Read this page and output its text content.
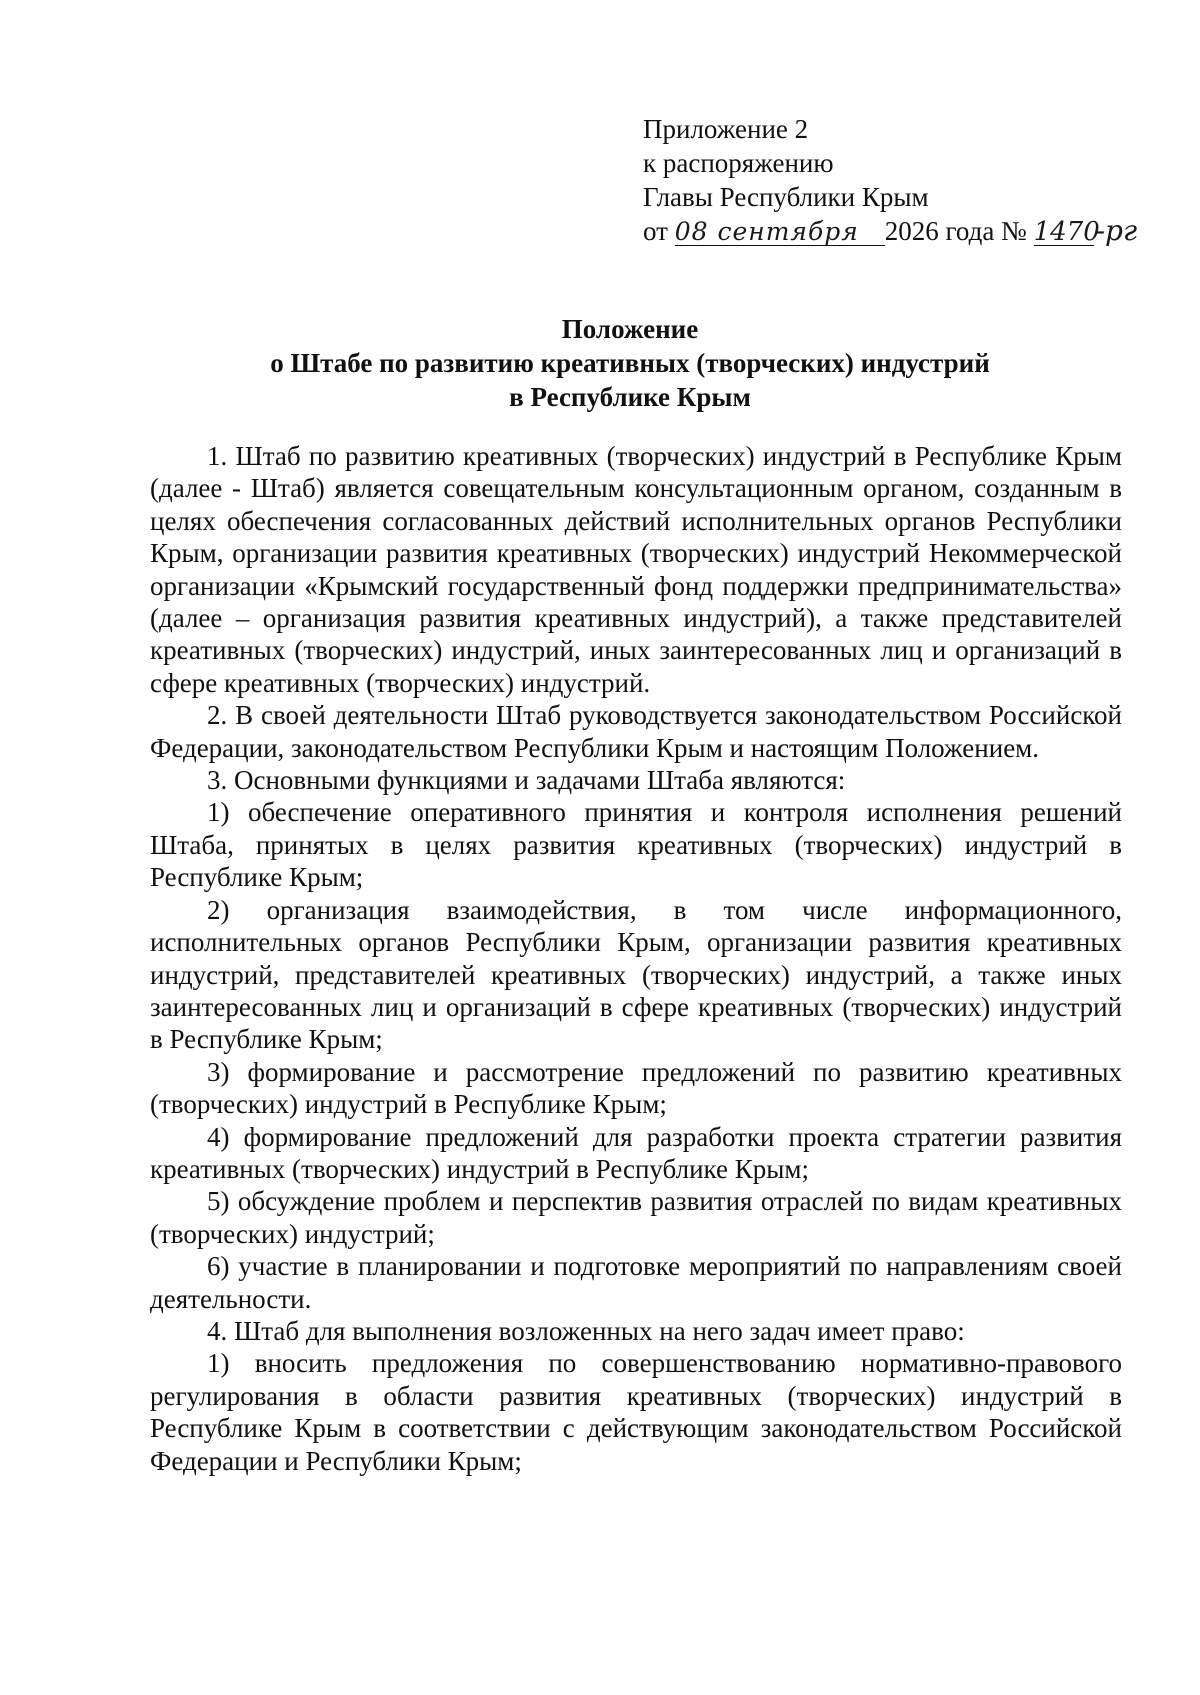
Приложение 2
к распоряжению
Главы Республики Крым
от 08 сентября 2026 года № 1470-рг
Положение
о Штабе по развитию креативных (творческих) индустрий
в Республике Крым

1. Штаб по развитию креативных (творческих) индустрий в Республике Крым (далее - Штаб) является совещательным консультационным органом, созданным в целях обеспечения согласованных действий исполнительных органов Республики Крым, организации развития креативных (творческих) индустрий Некоммерческой организации «Крымский государственный фонд поддержки предпринимательства» (далее – организация развития креативных индустрий), а также представителей креативных (творческих) индустрий, иных заинтересованных лиц и организаций в сфере креативных (творческих) индустрий.

2. В своей деятельности Штаб руководствуется законодательством Российской Федерации, законодательством Республики Крым и настоящим Положением.

3. Основными функциями и задачами Штаба являются:

1) обеспечение оперативного принятия и контроля исполнения решений Штаба, принятых в целях развития креативных (творческих) индустрий в Республике Крым;

2) организация взаимодействия, в том числе информационного, исполнительных органов Республики Крым, организации развития креативных индустрий, представителей креативных (творческих) индустрий, а также иных заинтересованных лиц и организаций в сфере креативных (творческих) индустрий в Республике Крым;

3) формирование и рассмотрение предложений по развитию креативных (творческих) индустрий в Республике Крым;

4) формирование предложений для разработки проекта стратегии развития креативных (творческих) индустрий в Республике Крым;

5) обсуждение проблем и перспектив развития отраслей по видам креативных (творческих) индустрий;

6) участие в планировании и подготовке мероприятий по направлениям своей деятельности.

4. Штаб для выполнения возложенных на него задач имеет право:

1) вносить предложения по совершенствованию нормативно-правового регулирования в области развития креативных (творческих) индустрий в Республике Крым в соответствии с действующим законодательством Российской Федерации и Республики Крым;
